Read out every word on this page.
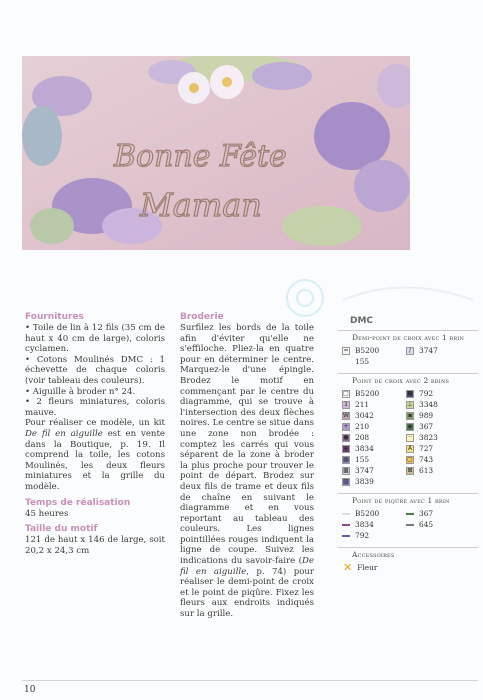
Bonne Fête
Maman
Fournitures

• Toile de lin à 12 fils (35 cm de haut x 40 cm de large), coloris cyclamen.

• Cotons Moulinés DMC : 1 échevette de chaque coloris (voir tableau des couleurs).

• Aiguille à broder n° 24.

• 2 fleurs miniatures, coloris mauve.

Pour réaliser ce modèle, un kit De fil en aiguille est en vente dans la Boutique, p. 19. Il comprend la toile, les cotons Moulinés, les deux fleurs miniatures et la grille du modèle.

Temps de réalisation

45 heures

Taille du motif

121 de haut x 146 de large, soit 20,2 x 24,3 cm

Broderie

Surfilez les bords de la toile afin d'éviter qu'elle ne s'effiloche. Pliez-la en quatre pour en déterminer le centre. Marquez-le d'une épingle. Brodez le motif en commençant par le centre du diagramme, qui se trouve à l'intersection des deux flèches noires. Le centre se situe dans une zone non brodée : comptez les carrés qui vous séparent de la zone à broder la plus proche pour trouver le point de départ. Brodez sur deux fils de trame et deux fils de chaîne en suivant le diagramme et en vous reportant au tableau des couleurs. Les lignes pointillées rouges indiquent la ligne de coupe. Suivez les indications du savoir-faire (De fil en aiguille, p. 74) pour réaliser le demi-point de croix et le point de piqûre. Fixez les fleurs aux endroits indiqués sur la grille.

DMC
Demi-point de croix avec 1 brin
= B5200	/	3747
155
Point de croix avec 2 brins
□ B5200	■ 792
1 211	⊥ 3348
W 3042	▪ 989
+ 210	◆ 367
● 208	·· 3823
◈ 3834	A 727
▦ 155	▢ 743
▩ 3747	⊠ 613
▧ 3839
Point de piqûre avec 1 brin
B5200	367
3834	645
792
Accessoires
✕ Fleur
10
